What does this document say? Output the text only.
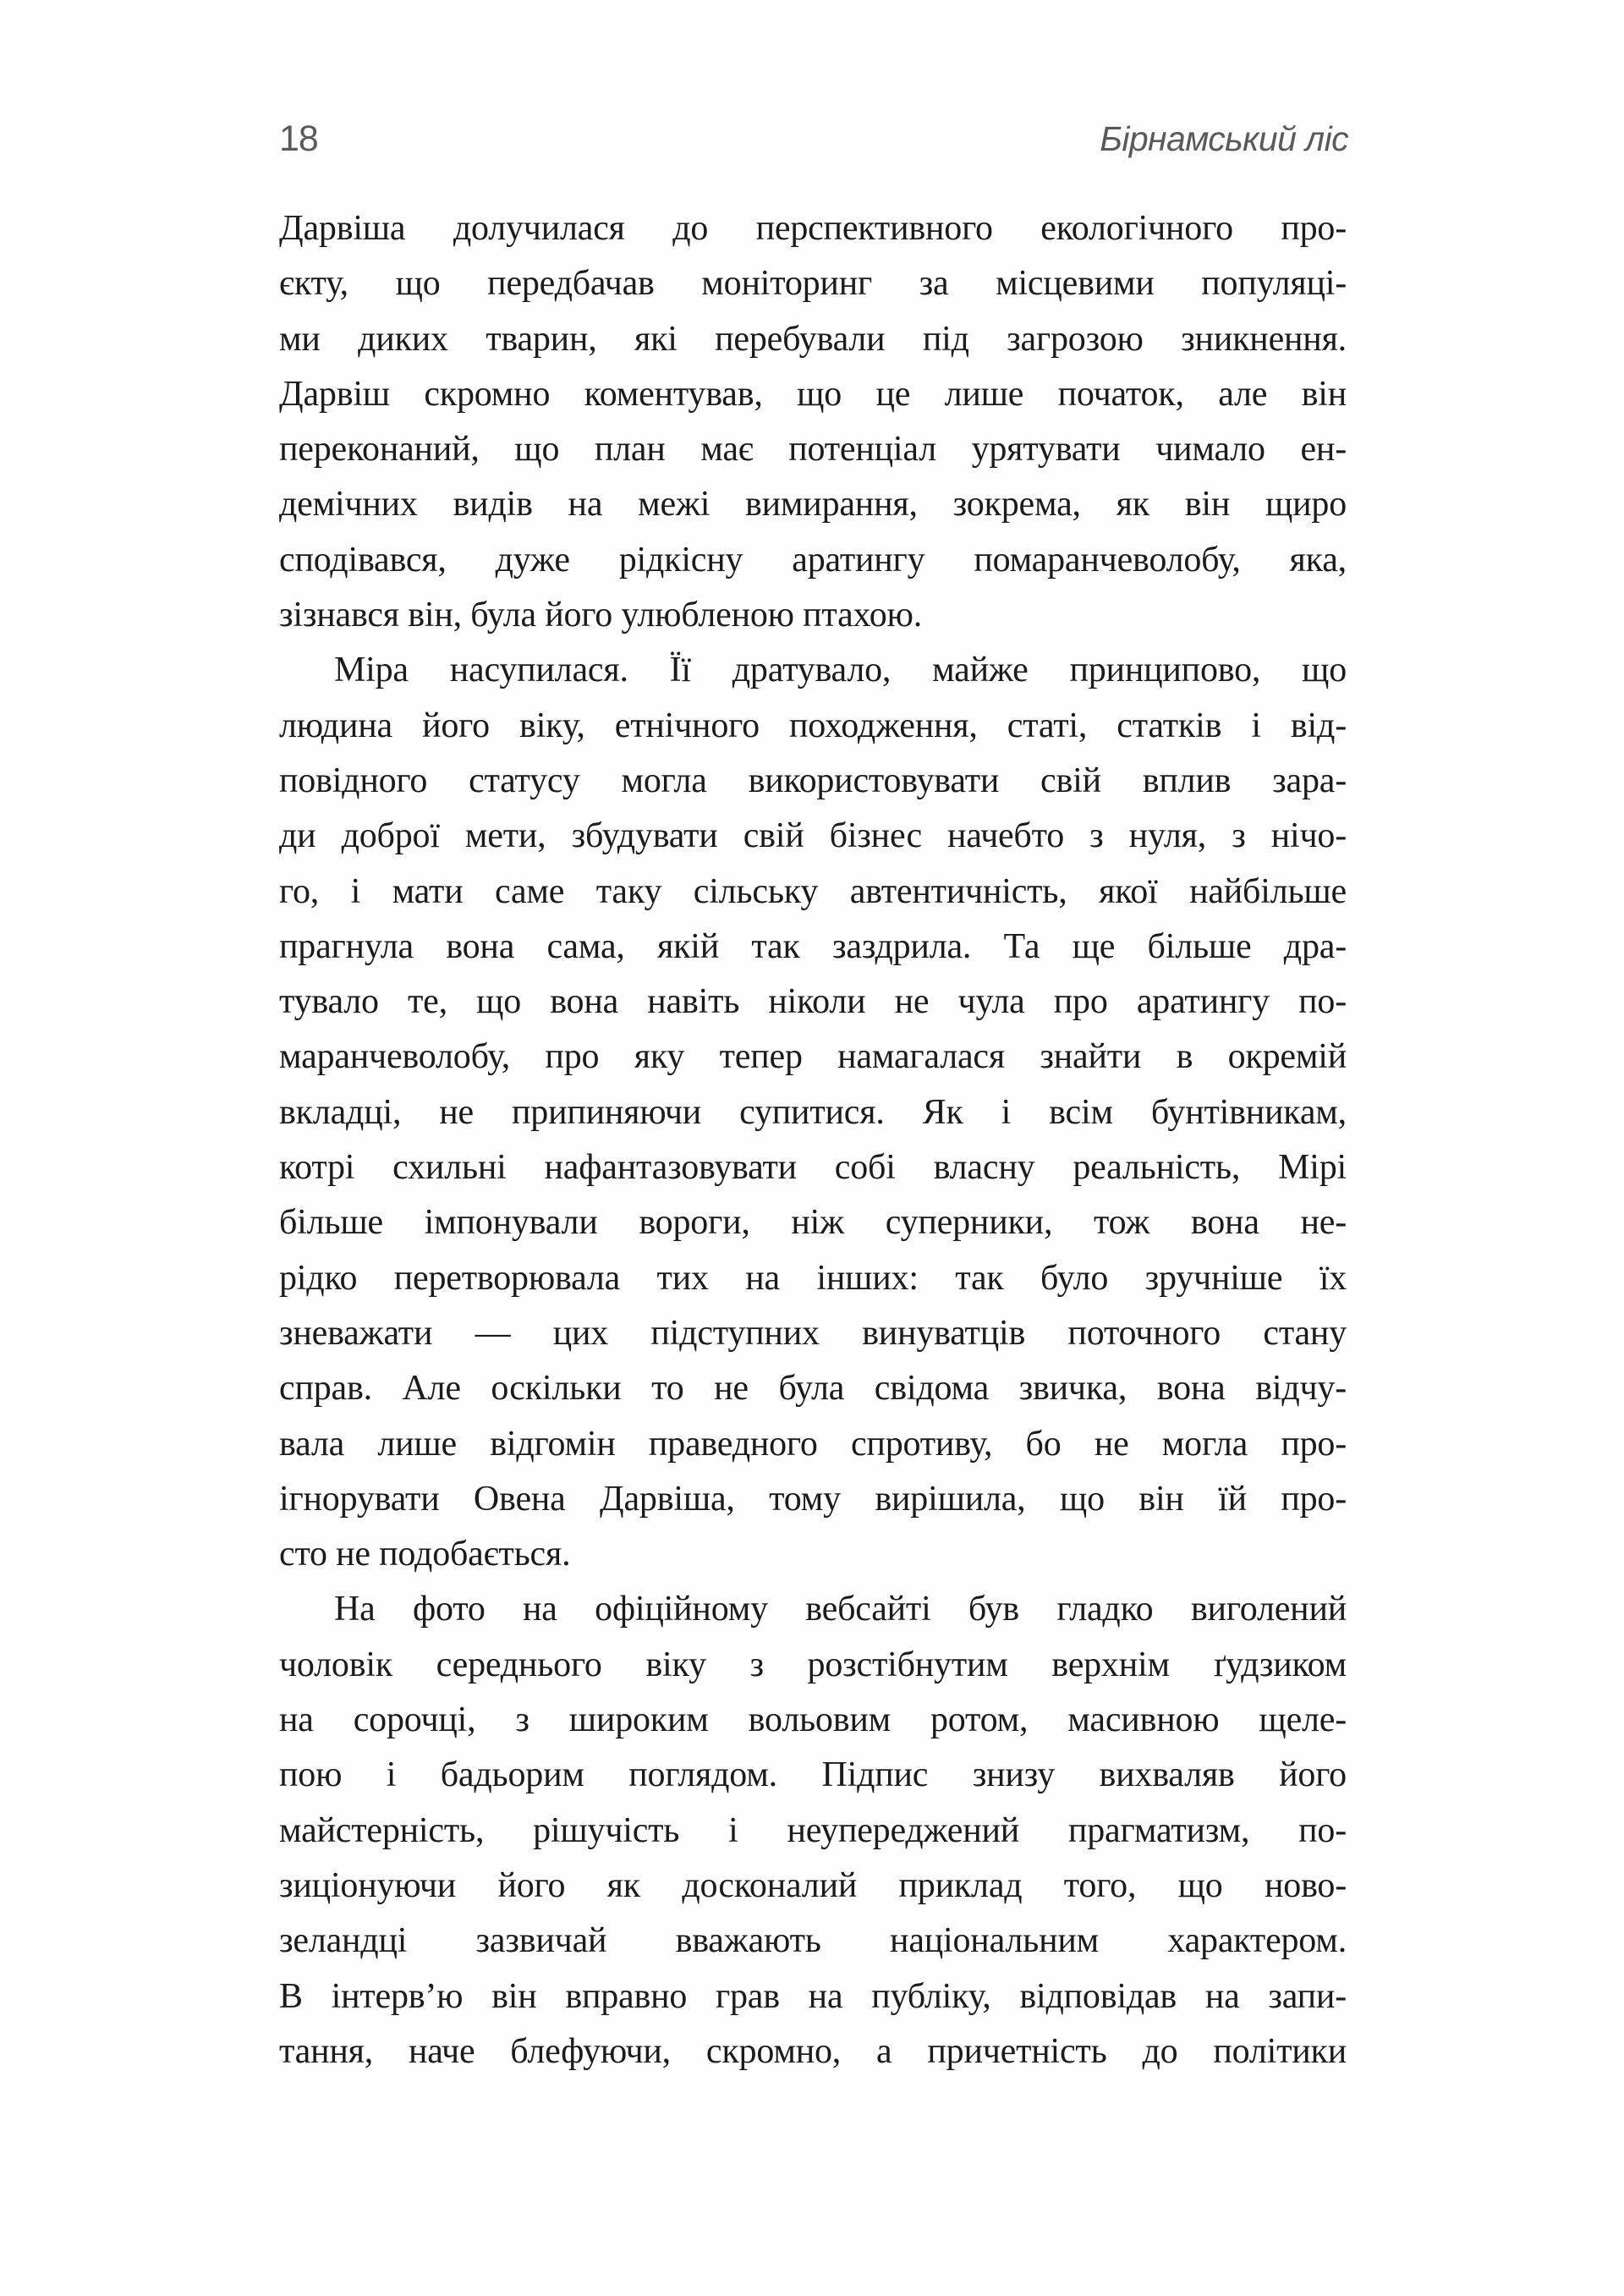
18	Бірнамський ліс
Дарвіша долучилася до перспективного екологічного про-
єкту, що передбачав моніторинг за місцевими популяці-
ми диких тварин, які перебували під загрозою зникнення.
Дарвіш скромно коментував, що це лише початок, але він
переконаний, що план має потенціал урятувати чимало ен-
демічних видів на межі вимирання, зокрема, як він щиро
сподівався, дуже рідкісну аратингу помаранчеволобу, яка,
зізнався він, була його улюбленою птахою.
Міра насупилася. Її дратувало, майже принципово, що
людина його віку, етнічного походження, статі, статків і від-
повідного статусу могла використовувати свій вплив зара-
ди доброї мети, збудувати свій бізнес начебто з нуля, з нічо-
го, і мати саме таку сільську автентичність, якої найбільше
прагнула вона сама, якій так заздрила. Та ще більше дра-
тувало те, що вона навіть ніколи не чула про аратингу по-
маранчеволобу, про яку тепер намагалася знайти в окремій
вкладці, не припиняючи супитися. Як і всім бунтівникам,
котрі схильні нафантазовувати собі власну реальність, Мірі
більше імпонували вороги, ніж суперники, тож вона не-
рідко перетворювала тих на інших: так було зручніше їх
зневажати — цих підступних винуватців поточного стану
справ. Але оскільки то не була свідома звичка, вона відчу-
вала лише відгомін праведного спротиву, бо не могла про-
ігнорувати Овена Дарвіша, тому вирішила, що він їй про-
сто не подобається.
На фото на офіційному вебсайті був гладко виголений
чоловік середнього віку з розстібнутим верхнім ґудзиком
на сорочці, з широким вольовим ротом, масивною щеле-
пою і бадьорим поглядом. Підпис знизу вихваляв його
майстерність, рішучість і неупереджений прагматизм, по-
зиціонуючи його як досконалий приклад того, що ново-
зеландці зазвичай вважають національним характером.
В інтерв’ю він вправно грав на публіку, відповідав на запи-
тання, наче блефуючи, скромно, а причетність до політики
